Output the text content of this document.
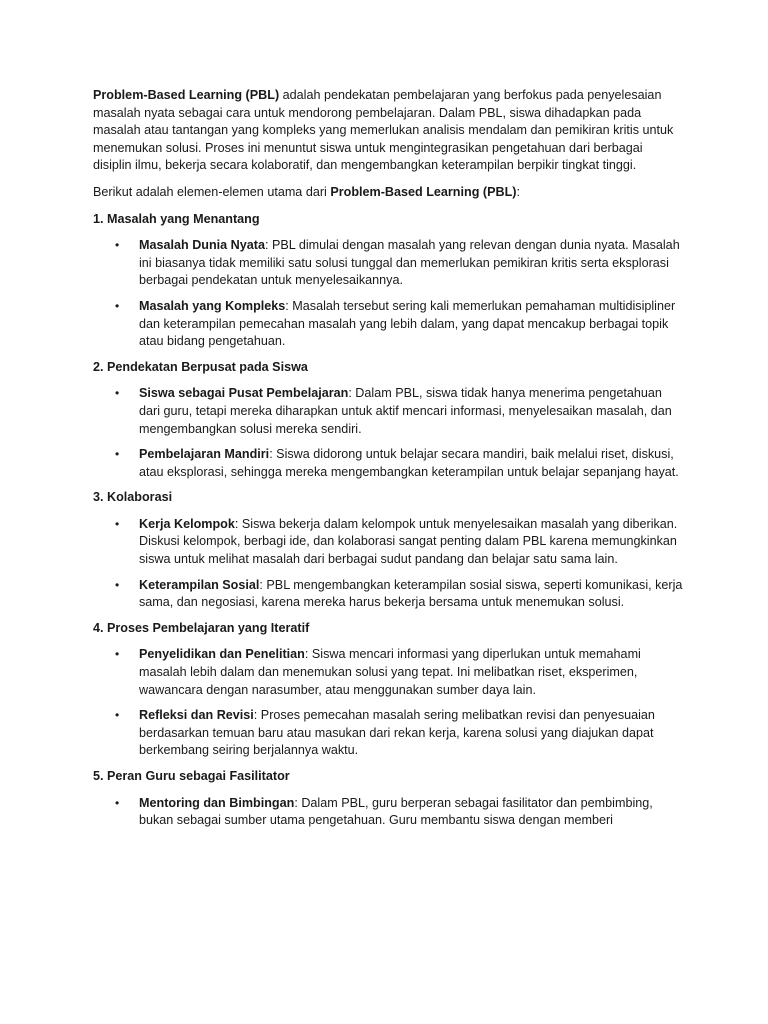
Problem-Based Learning (PBL) adalah pendekatan pembelajaran yang berfokus pada penyelesaian masalah nyata sebagai cara untuk mendorong pembelajaran. Dalam PBL, siswa dihadapkan pada masalah atau tantangan yang kompleks yang memerlukan analisis mendalam dan pemikiran kritis untuk menemukan solusi. Proses ini menuntut siswa untuk mengintegrasikan pengetahuan dari berbagai disiplin ilmu, bekerja secara kolaboratif, dan mengembangkan keterampilan berpikir tingkat tinggi.

Berikut adalah elemen-elemen utama dari Problem-Based Learning (PBL):

1. Masalah yang Menantang
• Masalah Dunia Nyata: PBL dimulai dengan masalah yang relevan dengan dunia nyata. Masalah ini biasanya tidak memiliki satu solusi tunggal dan memerlukan pemikiran kritis serta eksplorasi berbagai pendekatan untuk menyelesaikannya.
• Masalah yang Kompleks: Masalah tersebut sering kali memerlukan pemahaman multidisipliner dan keterampilan pemecahan masalah yang lebih dalam, yang dapat mencakup berbagai topik atau bidang pengetahuan.
2. Pendekatan Berpusat pada Siswa
• Siswa sebagai Pusat Pembelajaran: Dalam PBL, siswa tidak hanya menerima pengetahuan dari guru, tetapi mereka diharapkan untuk aktif mencari informasi, menyelesaikan masalah, dan mengembangkan solusi mereka sendiri.
• Pembelajaran Mandiri: Siswa didorong untuk belajar secara mandiri, baik melalui riset, diskusi, atau eksplorasi, sehingga mereka mengembangkan keterampilan untuk belajar sepanjang hayat.
3. Kolaborasi
• Kerja Kelompok: Siswa bekerja dalam kelompok untuk menyelesaikan masalah yang diberikan. Diskusi kelompok, berbagi ide, dan kolaborasi sangat penting dalam PBL karena memungkinkan siswa untuk melihat masalah dari berbagai sudut pandang dan belajar satu sama lain.
• Keterampilan Sosial: PBL mengembangkan keterampilan sosial siswa, seperti komunikasi, kerja sama, dan negosiasi, karena mereka harus bekerja bersama untuk menemukan solusi.
4. Proses Pembelajaran yang Iteratif
• Penyelidikan dan Penelitian: Siswa mencari informasi yang diperlukan untuk memahami masalah lebih dalam dan menemukan solusi yang tepat. Ini melibatkan riset, eksperimen, wawancara dengan narasumber, atau menggunakan sumber daya lain.
• Refleksi dan Revisi: Proses pemecahan masalah sering melibatkan revisi dan penyesuaian berdasarkan temuan baru atau masukan dari rekan kerja, karena solusi yang diajukan dapat berkembang seiring berjalannya waktu.
5. Peran Guru sebagai Fasilitator
• Mentoring dan Bimbingan: Dalam PBL, guru berperan sebagai fasilitator dan pembimbing, bukan sebagai sumber utama pengetahuan. Guru membantu siswa dengan memberi
